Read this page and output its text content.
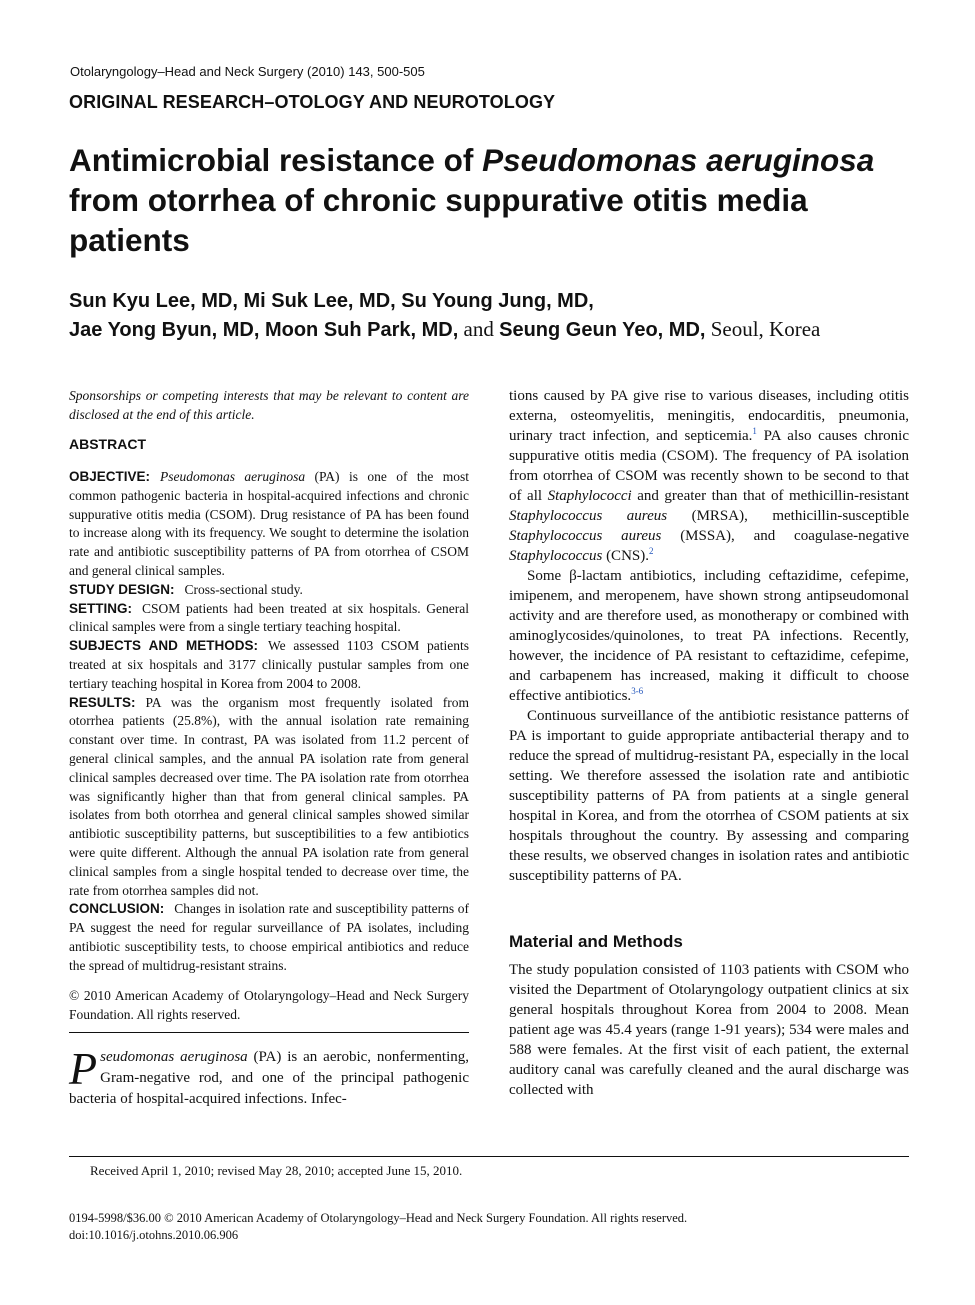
Otolaryngology–Head and Neck Surgery (2010) 143, 500-505
ORIGINAL RESEARCH–OTOLOGY AND NEUROTOLOGY
Antimicrobial resistance of Pseudomonas aeruginosa from otorrhea of chronic suppurative otitis media patients
Sun Kyu Lee, MD, Mi Suk Lee, MD, Su Young Jung, MD,
Jae Yong Byun, MD, Moon Suh Park, MD, and Seung Geun Yeo, MD, Seoul, Korea

Sponsorships or competing interests that may be relevant to content are disclosed at the end of this article.

ABSTRACT

OBJECTIVE: Pseudomonas aeruginosa (PA) is one of the most common pathogenic bacteria in hospital-acquired infections and chronic suppurative otitis media (CSOM). Drug resistance of PA has been found to increase along with its frequency. We sought to determine the isolation rate and antibiotic susceptibility patterns of PA from otorrhea of CSOM and general clinical samples.

STUDY DESIGN: Cross-sectional study.

SETTING: CSOM patients had been treated at six hospitals. General clinical samples were from a single tertiary teaching hospital.

SUBJECTS AND METHODS: We assessed 1103 CSOM patients treated at six hospitals and 3177 clinically pustular samples from one tertiary teaching hospital in Korea from 2004 to 2008.

RESULTS: PA was the organism most frequently isolated from otorrhea patients (25.8%), with the annual isolation rate remaining constant over time. In contrast, PA was isolated from 11.2 percent of general clinical samples, and the annual PA isolation rate from general clinical samples decreased over time. The PA isolation rate from otorrhea was significantly higher than that from general clinical samples. PA isolates from both otorrhea and general clinical samples showed similar antibiotic susceptibility patterns, but susceptibilities to a few antibiotics were quite different. Although the annual PA isolation rate from general clinical samples from a single hospital tended to decrease over time, the rate from otorrhea samples did not.

CONCLUSION: Changes in isolation rate and susceptibility patterns of PA suggest the need for regular surveillance of PA isolates, including antibiotic susceptibility tests, to choose empirical antibiotics and reduce the spread of multidrug-resistant strains.

© 2010 American Academy of Otolaryngology–Head and Neck Surgery Foundation. All rights reserved.

Pseudomonas aeruginosa (PA) is an aerobic, nonfermenting, Gram-negative rod, and one of the principal pathogenic bacteria of hospital-acquired infections. Infec-

tions caused by PA give rise to various diseases, including otitis externa, osteomyelitis, meningitis, endocarditis, pneumonia, urinary tract infection, and septicemia.$^1$ PA also causes chronic suppurative otitis media (CSOM). The frequency of PA isolation from otorrhea of CSOM was recently shown to be second to that of all Staphylococci and greater than that of methicillin-resistant Staphylococcus aureus (MRSA), methicillin-susceptible Staphylococcus aureus (MSSA), and coagulase-negative Staphylococcus (CNS).$^2$

Some β-lactam antibiotics, including ceftazidime, cefepime, imipenem, and meropenem, have shown strong antipseudomonal activity and are therefore used, as monotherapy or combined with aminoglycosides/quinolones, to treat PA infections. Recently, however, the incidence of PA resistant to ceftazidime, cefepime, and carbapenem has increased, making it difficult to choose effective antibiotics.$^{3-6}$

Continuous surveillance of the antibiotic resistance patterns of PA is important to guide appropriate antibacterial therapy and to reduce the spread of multidrug-resistant PA, especially in the local setting. We therefore assessed the isolation rate and antibiotic susceptibility patterns of PA from patients at a single general hospital in Korea, and from the otorrhea of CSOM patients at six hospitals throughout the country. By assessing and comparing these results, we observed changes in isolation rates and antibiotic susceptibility patterns of PA.

Material and Methods

The study population consisted of 1103 patients with CSOM who visited the Department of Otolaryngology outpatient clinics at six general hospitals throughout Korea from 2004 to 2008. Mean patient age was 45.4 years (range 1-91 years); 534 were males and 588 were females. At the first visit of each patient, the external auditory canal was carefully cleaned and the aural discharge was collected with

Received April 1, 2010; revised May 28, 2010; accepted June 15, 2010.
0194-5998/$36.00 © 2010 American Academy of Otolaryngology–Head and Neck Surgery Foundation. All rights reserved.
doi:10.1016/j.otohns.2010.06.906
